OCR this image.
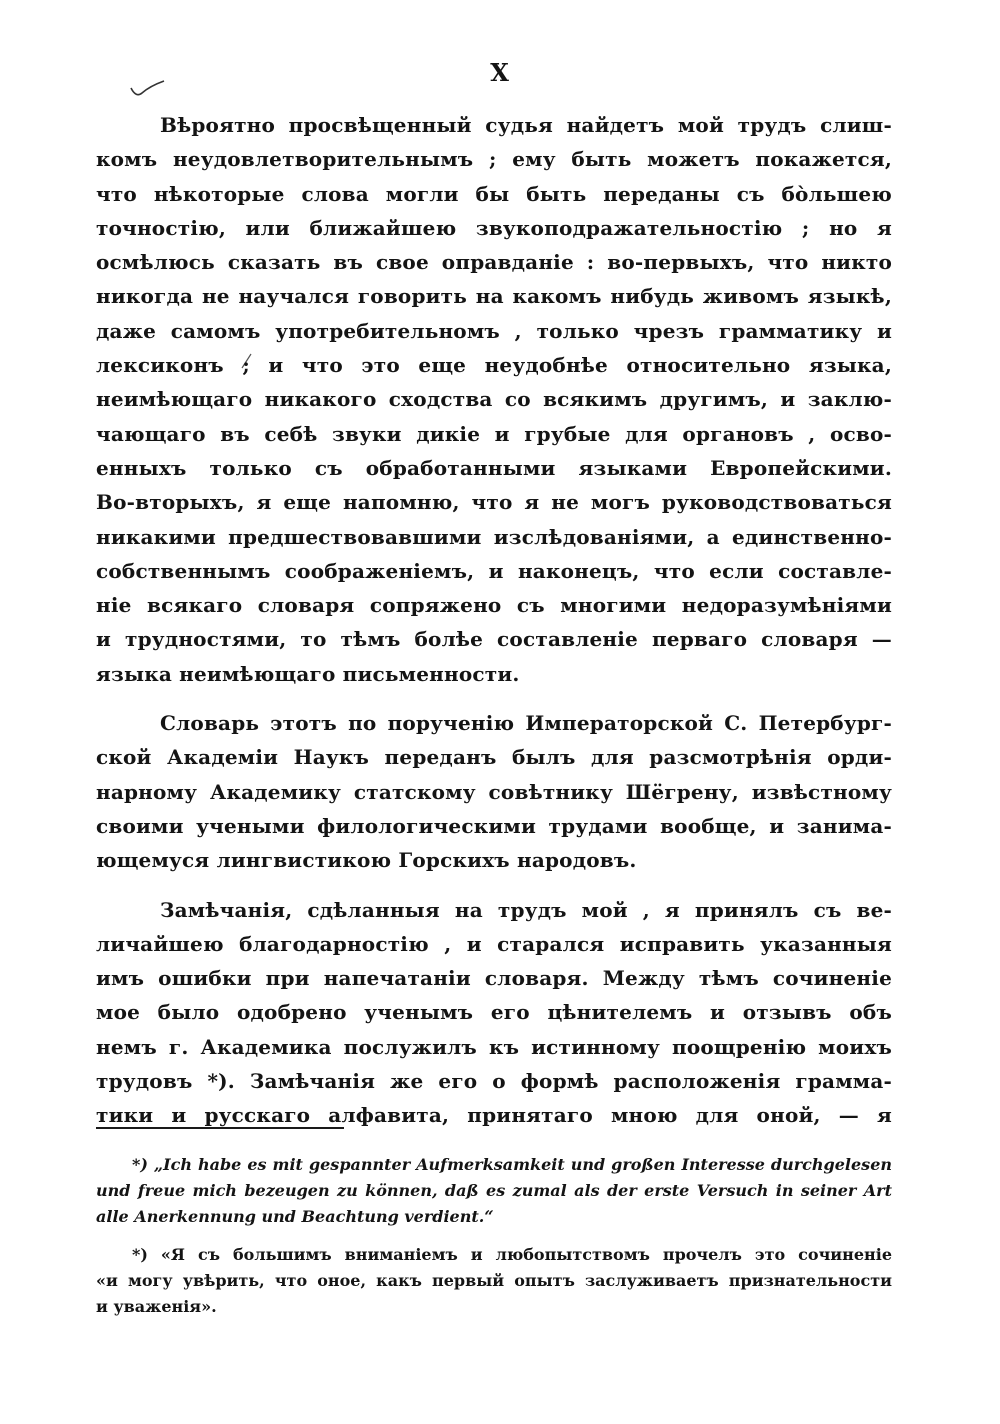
X
Вѣроятно просвѣщенный судья найдетъ мой трудъ слиш-
комъ неудовлетворительнымъ ; ему быть можетъ покажется,
что нѣкоторые слова могли бы быть переданы съ бо̀льшею
точностію, или ближайшею звукоподражательностію ; но я
осмѣлюсь сказать въ свое оправданіе : во-первыхъ, что никто
никогда не научался говорить на какомъ нибудь живомъ языкѣ,
даже самомъ употребительномъ , только чрезъ грамматику и
лексиконъ ; и что это еще неудобнѣе относительно языка,
неимѣющаго никакого сходства со всякимъ другимъ, и заклю-
чающаго въ себѣ звуки дикіе и грубые для органовъ , осво-
енныхъ только съ обработанными языками Европейскими.
Во-вторыхъ, я еще напомню, что я не могъ руководствоваться
никакими предшествовавшими изслѣдованіями, а единственно-
собственнымъ соображеніемъ, и наконецъ, что если составле-
ніе всякаго словаря сопряжено съ многими недоразумѣніями
и трудностями, то тѣмъ болѣе составленіе перваго словаря —
языка неимѣющаго письменности.
Словарь этотъ по порученію Императорской С. Петербург-
ской Академіи Наукъ переданъ былъ для разсмотрѣнія орди-
нарному Академику статскому совѣтнику Шёгрену, извѣстному
своими учеными филологическими трудами вообще, и занима-
ющемуся лингвистикою Горскихъ народовъ.
Замѣчанія, сдѣланныя на трудъ мой , я принялъ съ ве-
личайшею благодарностію , и старался исправить указанныя
имъ ошибки при напечатаніи словаря. Между тѣмъ сочиненіе
мое было одобрено ученымъ его цѣнителемъ и отзывъ объ
немъ г. Академика послужилъ къ истинному поощренію моихъ
трудовъ *). Замѣчанія же его о формѣ расположенія грамма-
тики и русскаго алфавита, принятаго мною для оной, — я
*) „Ich habe es mit gespannter Aufmerksamkeit und großen Interesse durchgelesen
und freue mich bezeugen zu können, daß es zumal als der erste Versuch in seiner Art
alle Anerkennung und Beachtung verdient.“
*) «Я съ большимъ вниманіемъ и любопытствомъ прочелъ это сочиненіе
«и могу увѣрить, что оное, какъ первый опытъ заслуживаетъ признательности
и уваженія».
